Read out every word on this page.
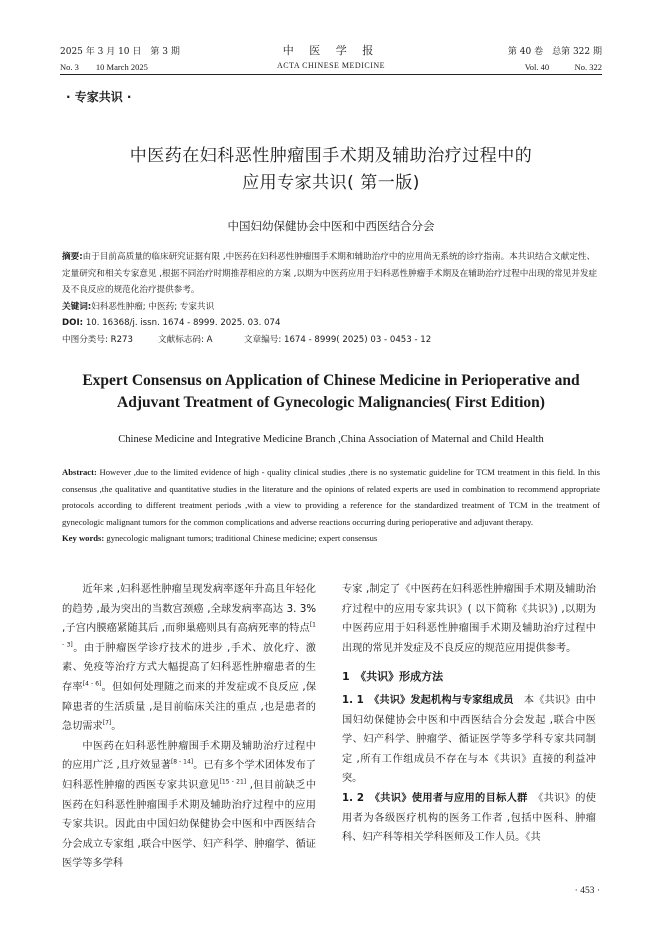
2025 年 3 月 10 日　第 3 期	中 医 学 报	第 40 卷　总第 322 期
No. 3　　10 March 2025	ACTA CHINESE MEDICINE	Vol. 40　　　No. 322
· 专家共识 ·
中医药在妇科恶性肿瘤围手术期及辅助治疗过程中的
应用专家共识( 第一版)
中国妇幼保健协会中医和中西医结合分会

摘要:由于目前高质量的临床研究证据有限 ,中医药在妇科恶性肿瘤围手术期和辅助治疗中的应用尚无系统的诊疗指南。本共识结合文献定性、定量研究和相关专家意见 ,根据不同治疗时期推荐相应的方案 ,以期为中医药应用于妇科恶性肿瘤手术期及在辅助治疗过程中出现的常见并发症及不良反应的规范化治疗提供参考。

关键词:妇科恶性肿瘤; 中医药; 专家共识

DOI: 10. 16368/j. issn. 1674 - 8999. 2025. 03. 074

中图分类号: R273	文献标志码: A	文章编号: 1674 - 8999( 2025) 03 - 0453 - 12

Expert Consensus on Application of Chinese Medicine in Perioperative and
Adjuvant Treatment of Gynecologic Malignancies( First Edition)
Chinese Medicine and Integrative Medicine Branch ,China Association of Maternal and Child Health

Abstract: However ,due to the limited evidence of high - quality clinical studies ,there is no systematic guideline for TCM treatment in this field. In this consensus ,the qualitative and quantitative studies in the literature and the opinions of related experts are used in combination to recommend appropriate protocols according to different treatment periods ,with a view to providing a reference for the standardized treatment of TCM in the treatment of gynecologic malignant tumors for the common complications and adverse reactions occurring during perioperative and adjuvant therapy.

Key words: gynecologic malignant tumors; traditional Chinese medicine; expert consensus

近年来 ,妇科恶性肿瘤呈现发病率逐年升高且年轻化的趋势 ,最为突出的当数宫颈癌 ,全球发病率高达 3. 3% ,子宫内膜癌紧随其后 ,而卵巢癌则具有高病死率的特点[1 - 3]。由于肿瘤医学诊疗技术的进步 ,手术、放化疗、激素、免疫等治疗方式大幅提高了妇科恶性肿瘤患者的生存率[4 - 6]。但如何处理随之而来的并发症或不良反应 ,保障患者的生活质量 ,是目前临床关注的重点 ,也是患者的急切需求[7]。

中医药在妇科恶性肿瘤围手术期及辅助治疗过程中的应用广泛 ,且疗效显著[8 - 14]。已有多个学术团体发布了妇科恶性肿瘤的西医专家共识意见[15 - 21] ,但目前缺乏中医药在妇科恶性肿瘤围手术期及辅助治疗过程中的应用专家共识。因此由中国妇幼保健协会中医和中西医结合分会成立专家组 ,联合中医学、妇产科学、肿瘤学、循证医学等多学科

专家 ,制定了《中医药在妇科恶性肿瘤围手术期及辅助治疗过程中的应用专家共识》( 以下简称《共识》) ,以期为中医药应用于妇科恶性肿瘤围手术期及辅助治疗过程中出现的常见并发症及不良反应的规范应用提供参考。

1　《共识》形成方法

1. 1　《共识》发起机构与专家组成员　本《共识》由中国妇幼保健协会中医和中西医结合分会发起 ,联合中医学、妇产科学、肿瘤学、循证医学等多学科专家共同制定 ,所有工作组成员不存在与本《共识》直接的利益冲突。

1. 2　《共识》使用者与应用的目标人群　《共识》的使用者为各级医疗机构的医务工作者 ,包括中医科、肿瘤科、妇产科等相关学科医师及工作人员。《共

· 453 ·
